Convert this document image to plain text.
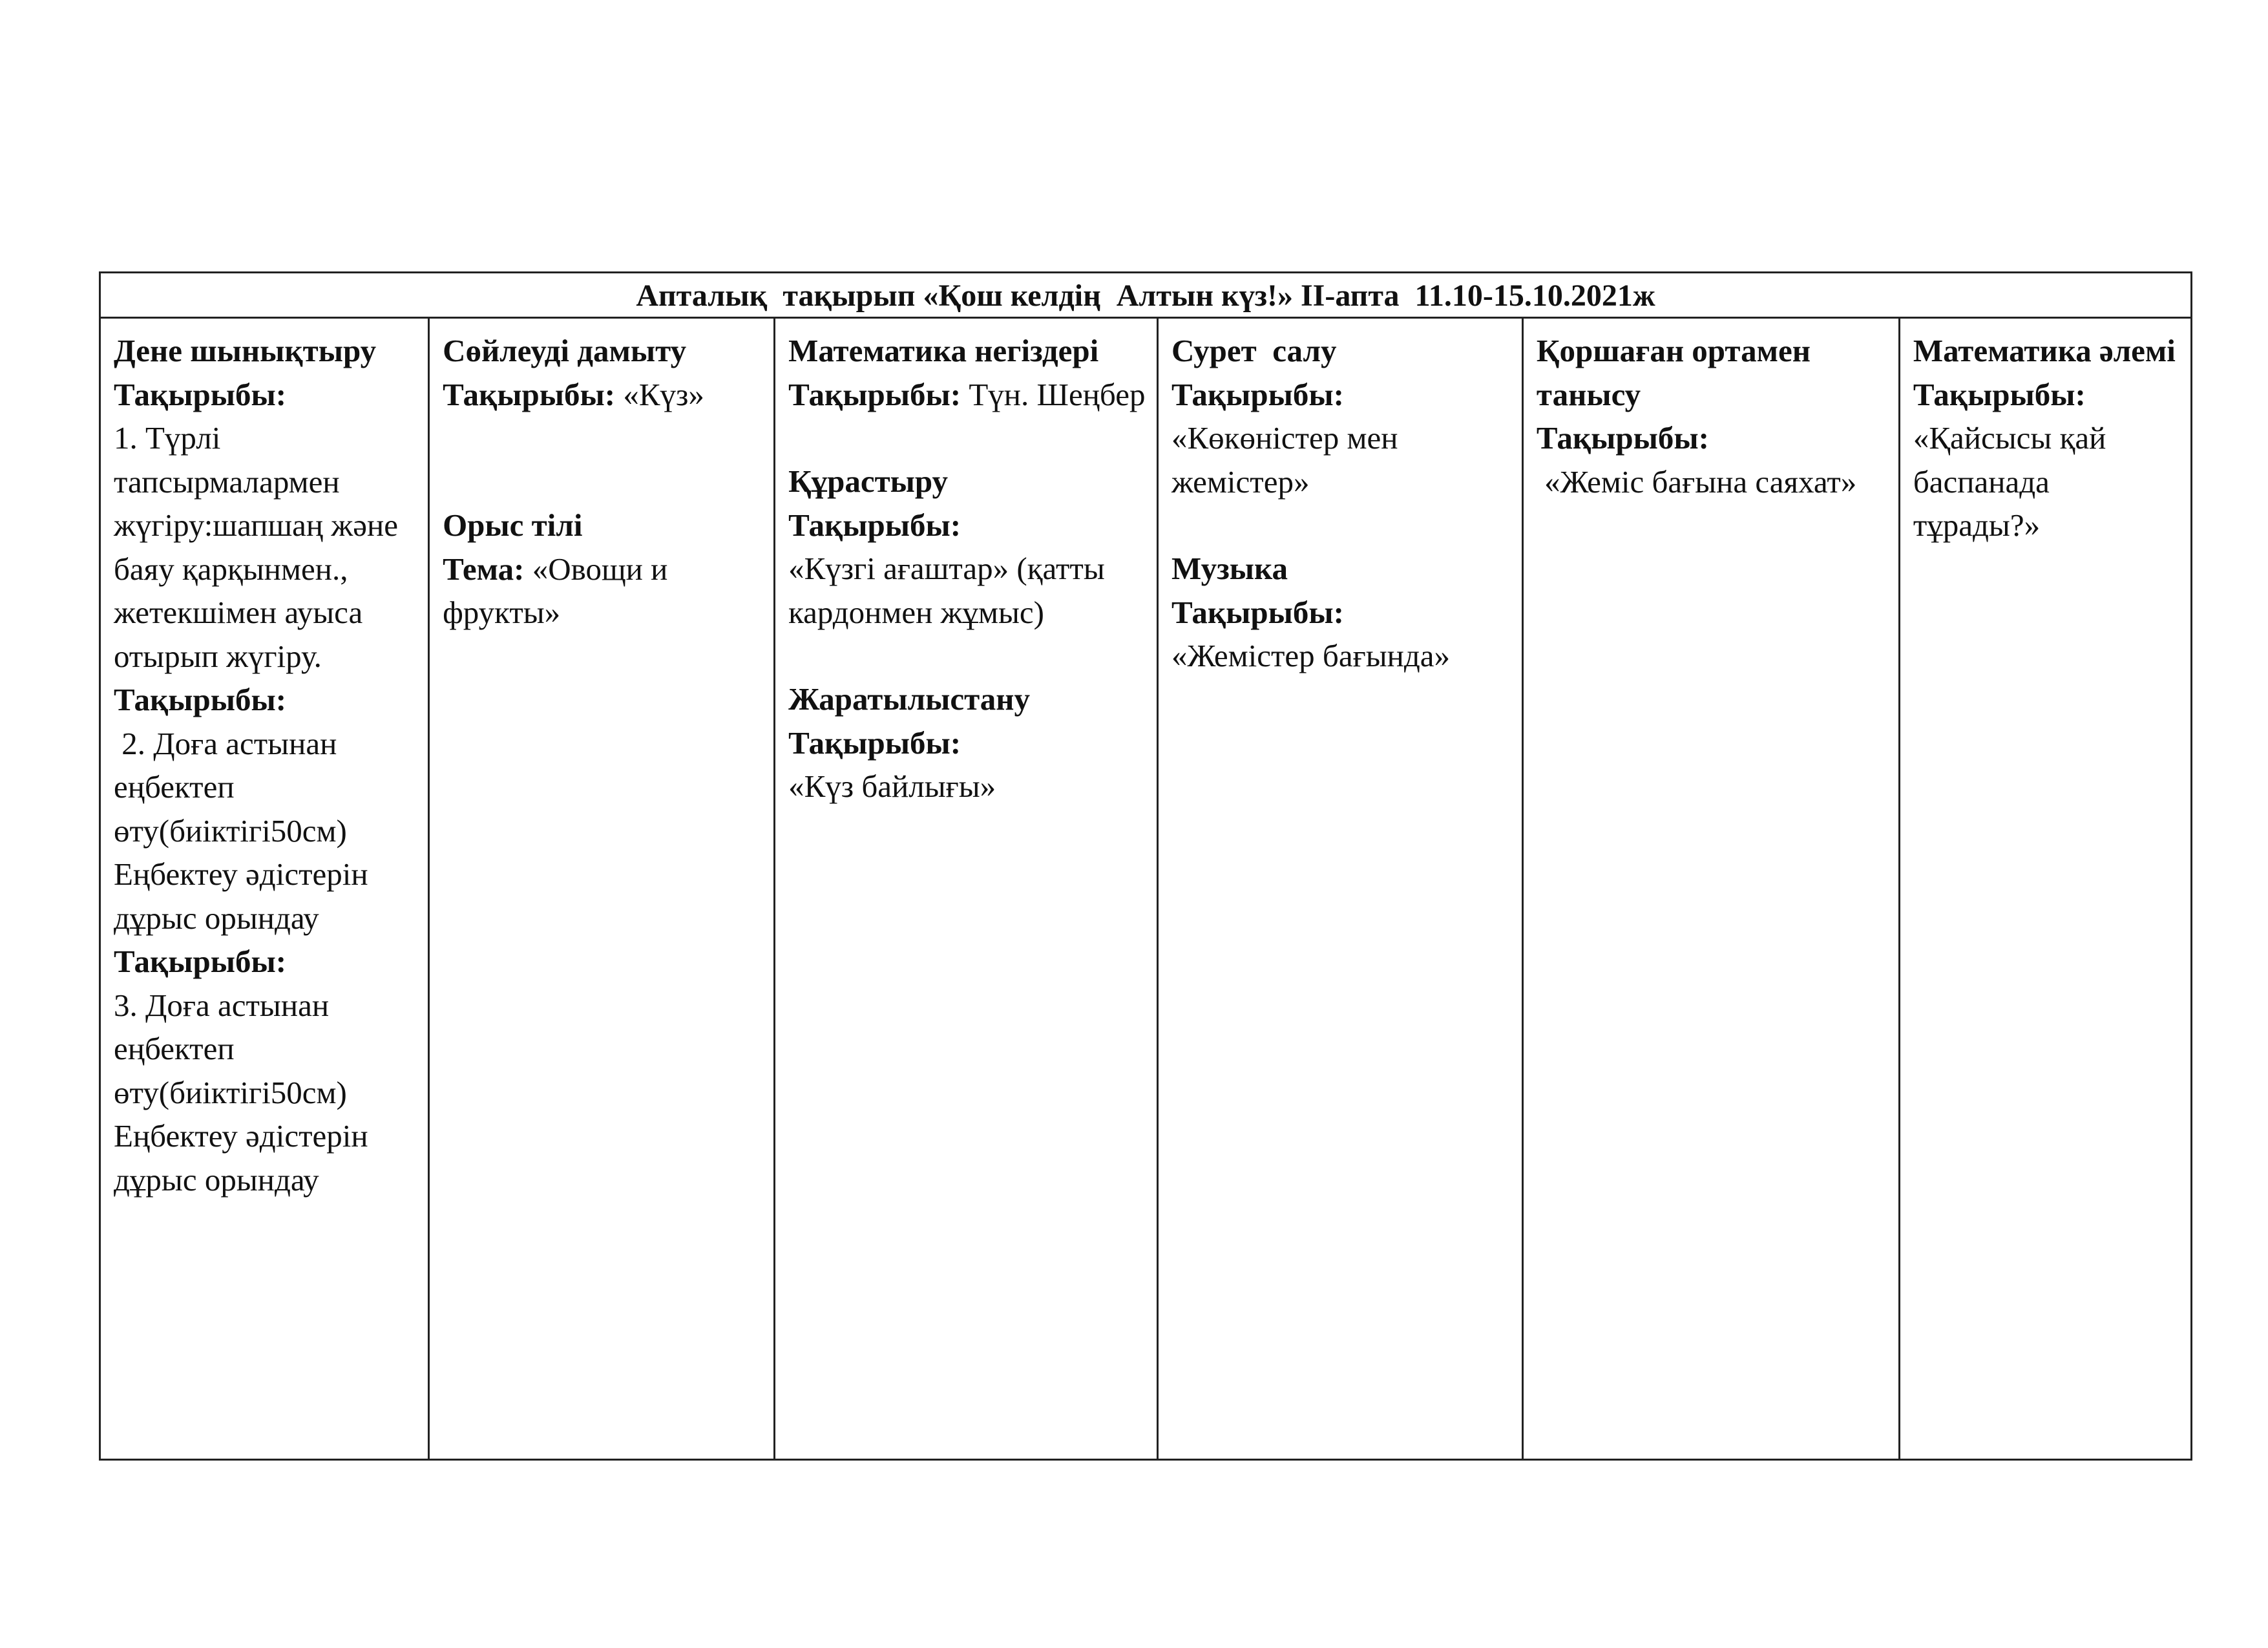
Апталық  тақырып «Қош келдің  Алтын күз!» ІІ-апта  11.10-15.10.2021ж
Дене шынықтыру
Тақырыбы:
1. Түрлі тапсырмалармен жүгіру:шапшаң және баяу қарқынмен., жетекшімен ауыса отырып жүгіру.
Тақырыбы:
2. Доға астынан еңбектеп өту(биіктігі50см) Еңбектеу әдістерін дұрыс орындау
Тақырыбы:
3. Доға астынан еңбектеп өту(биіктігі50см) Еңбектеу әдістерін дұрыс орындау
Сөйлеуді дамыту
Тақырыбы: «Күз»
Орыс тілі
Тема: «Овощи и фрукты»
Математика негіздері
Тақырыбы: Түн. Шеңбер
Құрастыру
Тақырыбы:
«Күзгі ағаштар» (қатты кардонмен жұмыс)
Жаратылыстану
Тақырыбы:
«Күз байлығы»
Сурет  салу
Тақырыбы:
«Көкөністер мен жемістер»
Музыка
Тақырыбы:
«Жемістер бағында»
Қоршаған ортамен танысу
Тақырыбы:
«Жеміс бағына саяхат»
Математика әлемі
Тақырыбы:
«Қайсысы қай баспанада тұрады?»
